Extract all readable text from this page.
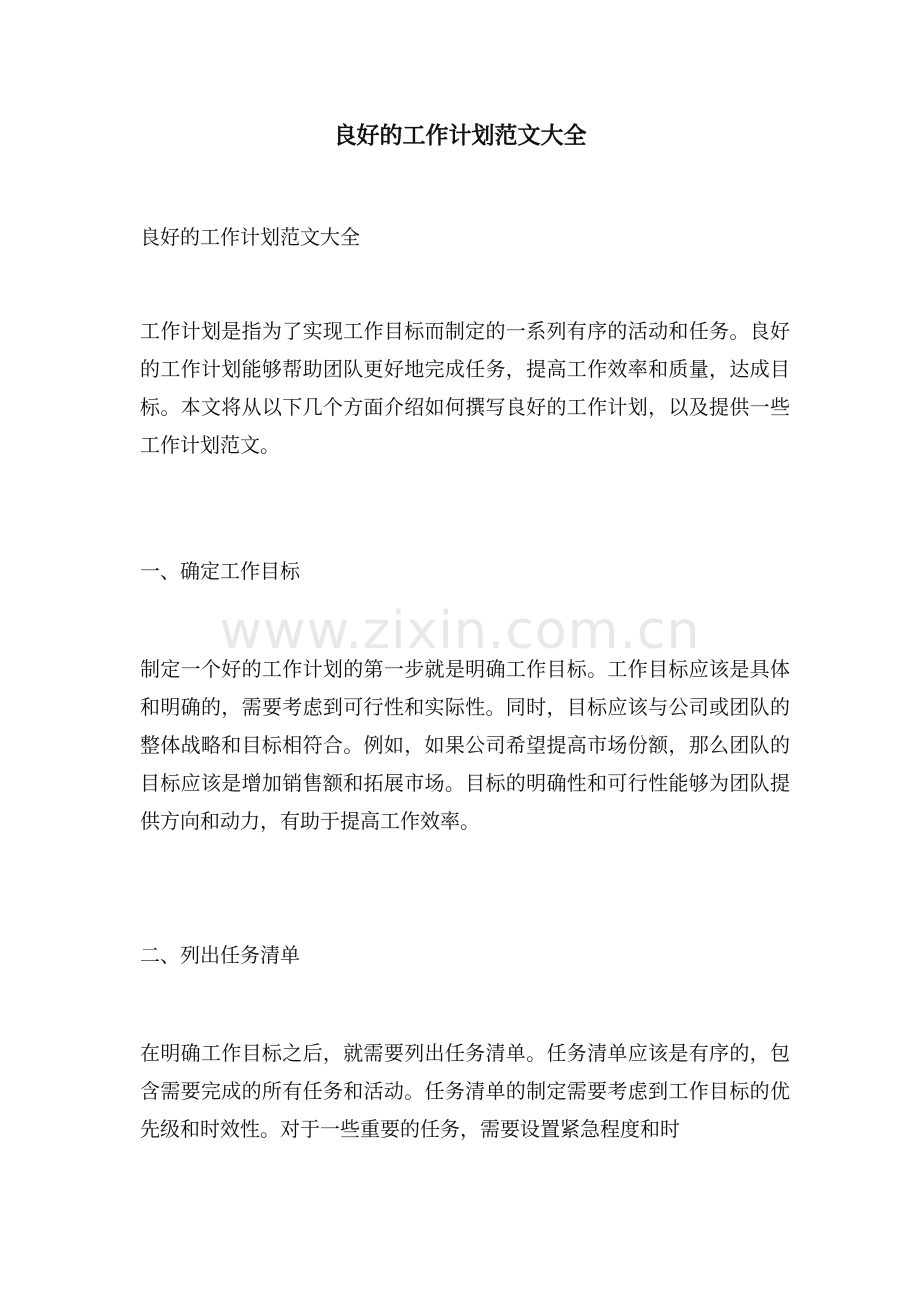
良好的工作计划范文大全

良好的工作计划范文大全

工作计划是指为了实现工作目标而制定的一系列有序的活动和任务。良好的工作计划能够帮助团队更好地完成任务，提高工作效率和质量，达成目标。本文将从以下几个方面介绍如何撰写良好的工作计划，以及提供一些工作计划范文。

一、确定工作目标

www.zixin.com.cn

制定一个好的工作计划的第一步就是明确工作目标。工作目标应该是具体和明确的，需要考虑到可行性和实际性。同时，目标应该与公司或团队的整体战略和目标相符合。例如，如果公司希望提高市场份额，那么团队的目标应该是增加销售额和拓展市场。目标的明确性和可行性能够为团队提供方向和动力，有助于提高工作效率。

二、列出任务清单

在明确工作目标之后，就需要列出任务清单。任务清单应该是有序的，包含需要完成的所有任务和活动。任务清单的制定需要考虑到工作目标的优先级和时效性。对于一些重要的任务，需要设置紧急程度和时
